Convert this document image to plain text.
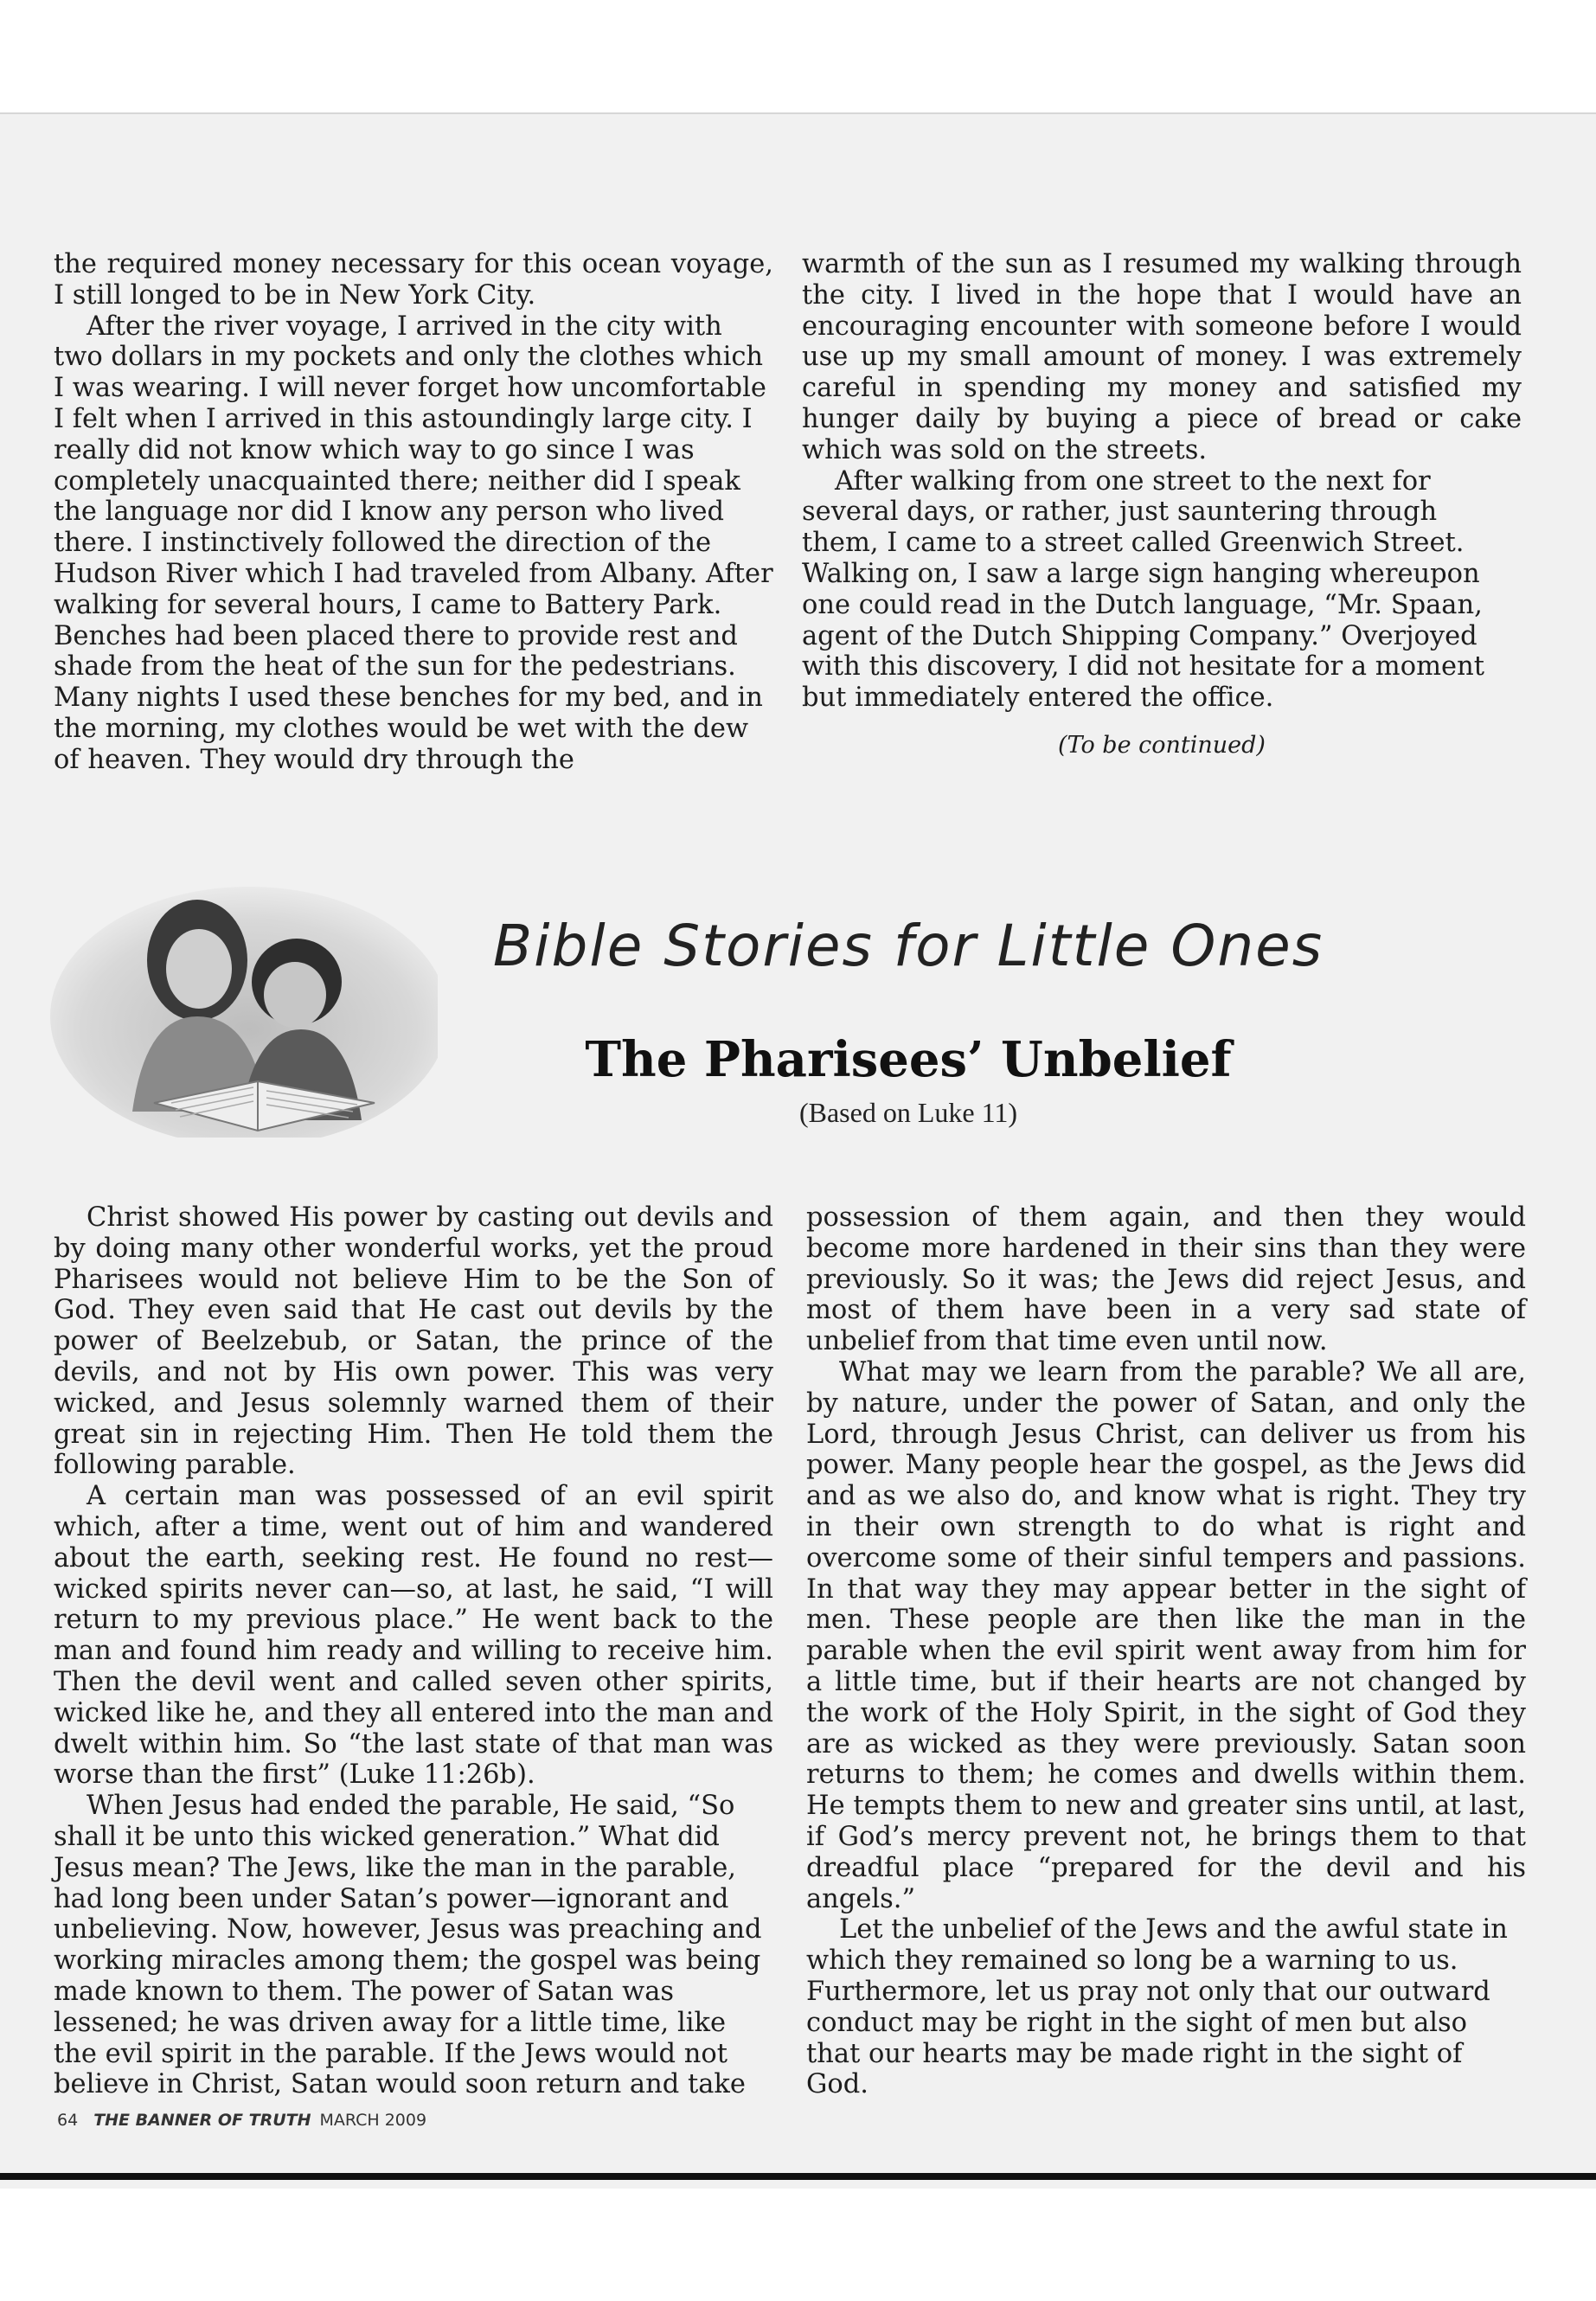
the required money necessary for this ocean voyage, I still longed to be in New York City.

After the river voyage, I arrived in the city with two dollars in my pockets and only the clothes which I was wearing. I will never forget how uncomfortable I felt when I arrived in this astoundingly large city. I really did not know which way to go since I was completely unacquainted there; neither did I speak the language nor did I know any person who lived there. I instinctively followed the direction of the Hudson River which I had traveled from Albany. After walking for several hours, I came to Battery Park. Benches had been placed there to provide rest and shade from the heat of the sun for the pedestrians. Many nights I used these benches for my bed, and in the morning, my clothes would be wet with the dew of heaven. They would dry through the

warmth of the sun as I resumed my walking through the city. I lived in the hope that I would have an encouraging encounter with someone before I would use up my small amount of money. I was extremely careful in spending my money and satisfied my hunger daily by buying a piece of bread or cake which was sold on the streets.

After walking from one street to the next for several days, or rather, just sauntering through them, I came to a street called Greenwich Street. Walking on, I saw a large sign hanging whereupon one could read in the Dutch language, “Mr. Spaan, agent of the Dutch Shipping Company.” Overjoyed with this discovery, I did not hesitate for a moment but immediately entered the office.

(To be continued)
Bible Stories for Little Ones
The Pharisees’ Unbelief
(Based on Luke 11)

Christ showed His power by casting out devils and by doing many other wonderful works, yet the proud Pharisees would not believe Him to be the Son of God. They even said that He cast out devils by the power of Beelzebub, or Satan, the prince of the devils, and not by His own power. This was very wicked, and Jesus solemnly warned them of their great sin in rejecting Him. Then He told them the following parable.

A certain man was possessed of an evil spirit which, after a time, went out of him and wandered about the earth, seeking rest. He found no rest—wicked spirits never can—so, at last, he said, “I will return to my previous place.” He went back to the man and found him ready and willing to receive him. Then the devil went and called seven other spirits, wicked like he, and they all entered into the man and dwelt within him. So “the last state of that man was worse than the first” (Luke 11:26b).

When Jesus had ended the parable, He said, “So shall it be unto this wicked generation.” What did Jesus mean? The Jews, like the man in the parable, had long been under Satan’s power—ignorant and unbelieving. Now, however, Jesus was preaching and working miracles among them; the gospel was being made known to them. The power of Satan was lessened; he was driven away for a little time, like the evil spirit in the parable. If the Jews would not believe in Christ, Satan would soon return and take

possession of them again, and then they would become more hardened in their sins than they were previously. So it was; the Jews did reject Jesus, and most of them have been in a very sad state of unbelief from that time even until now.

What may we learn from the parable? We all are, by nature, under the power of Satan, and only the Lord, through Jesus Christ, can deliver us from his power. Many people hear the gospel, as the Jews did and as we also do, and know what is right. They try in their own strength to do what is right and overcome some of their sinful tempers and passions. In that way they may appear better in the sight of men. These people are then like the man in the parable when the evil spirit went away from him for a little time, but if their hearts are not changed by the work of the Holy Spirit, in the sight of God they are as wicked as they were previously. Satan soon returns to them; he comes and dwells within them. He tempts them to new and greater sins until, at last, if God’s mercy prevent not, he brings them to that dreadful place “prepared for the devil and his angels.”

Let the unbelief of the Jews and the awful state in which they remained so long be a warning to us. Furthermore, let us pray not only that our outward conduct may be right in the sight of men but also that our hearts may be made right in the sight of God.

64 THE BANNER OF TRUTH MARCH 2009
